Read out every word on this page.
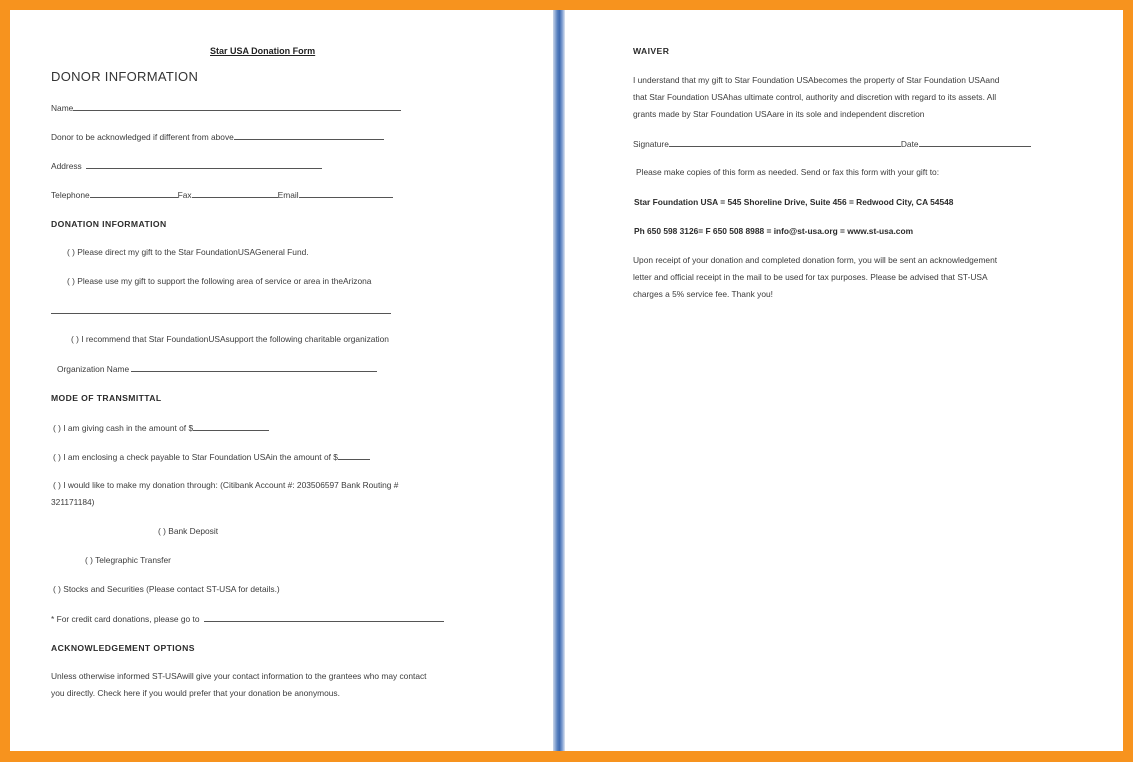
Star USA Donation Form
DONOR INFORMATION
Name
Donor to be acknowledged if different from above
Address
Telephone	Fax	Email
DONATION INFORMATION
( ) Please direct my gift to the Star FoundationUSAGeneral Fund.
( ) Please use my gift to support the following area of service or area in theArizona
( ) I recommend that Star FoundationUSAsupport the following charitable organization
Organization Name
MODE OF TRANSMITTAL
( ) I am giving cash in the amount of $
( ) I am enclosing a check payable to Star Foundation USAin the amount of $
( ) I would like to make my donation through: (Citibank Account #: 203506597 Bank Routing #
321171184)
( ) Bank Deposit
( ) Telegraphic Transfer
( ) Stocks and Securities (Please contact ST-USA for details.)
* For credit card donations, please go to
ACKNOWLEDGEMENT OPTIONS
Unless otherwise informed ST-USAwill give your contact information to the grantees who may contact
you directly. Check here if you would prefer that your donation be anonymous.
WAIVER
I understand that my gift to Star Foundation USAbecomes the property of Star Foundation USAand
that Star Foundation USAhas ultimate control, authority and discretion with regard to its assets. All
grants made by Star Foundation USAare in its sole and independent discretion
Signature	Date
Please make copies of this form as needed. Send or fax this form with your gift to:
Star Foundation USA = 545 Shoreline Drive, Suite 456 = Redwood City, CA 54548
Ph 650 598 3126= F 650 508 8988 = info@st-usa.org = www.st-usa.com
Upon receipt of your donation and completed donation form, you will be sent an acknowledgement
letter and official receipt in the mail to be used for tax purposes. Please be advised that ST-USA
charges a 5% service fee. Thank you!
